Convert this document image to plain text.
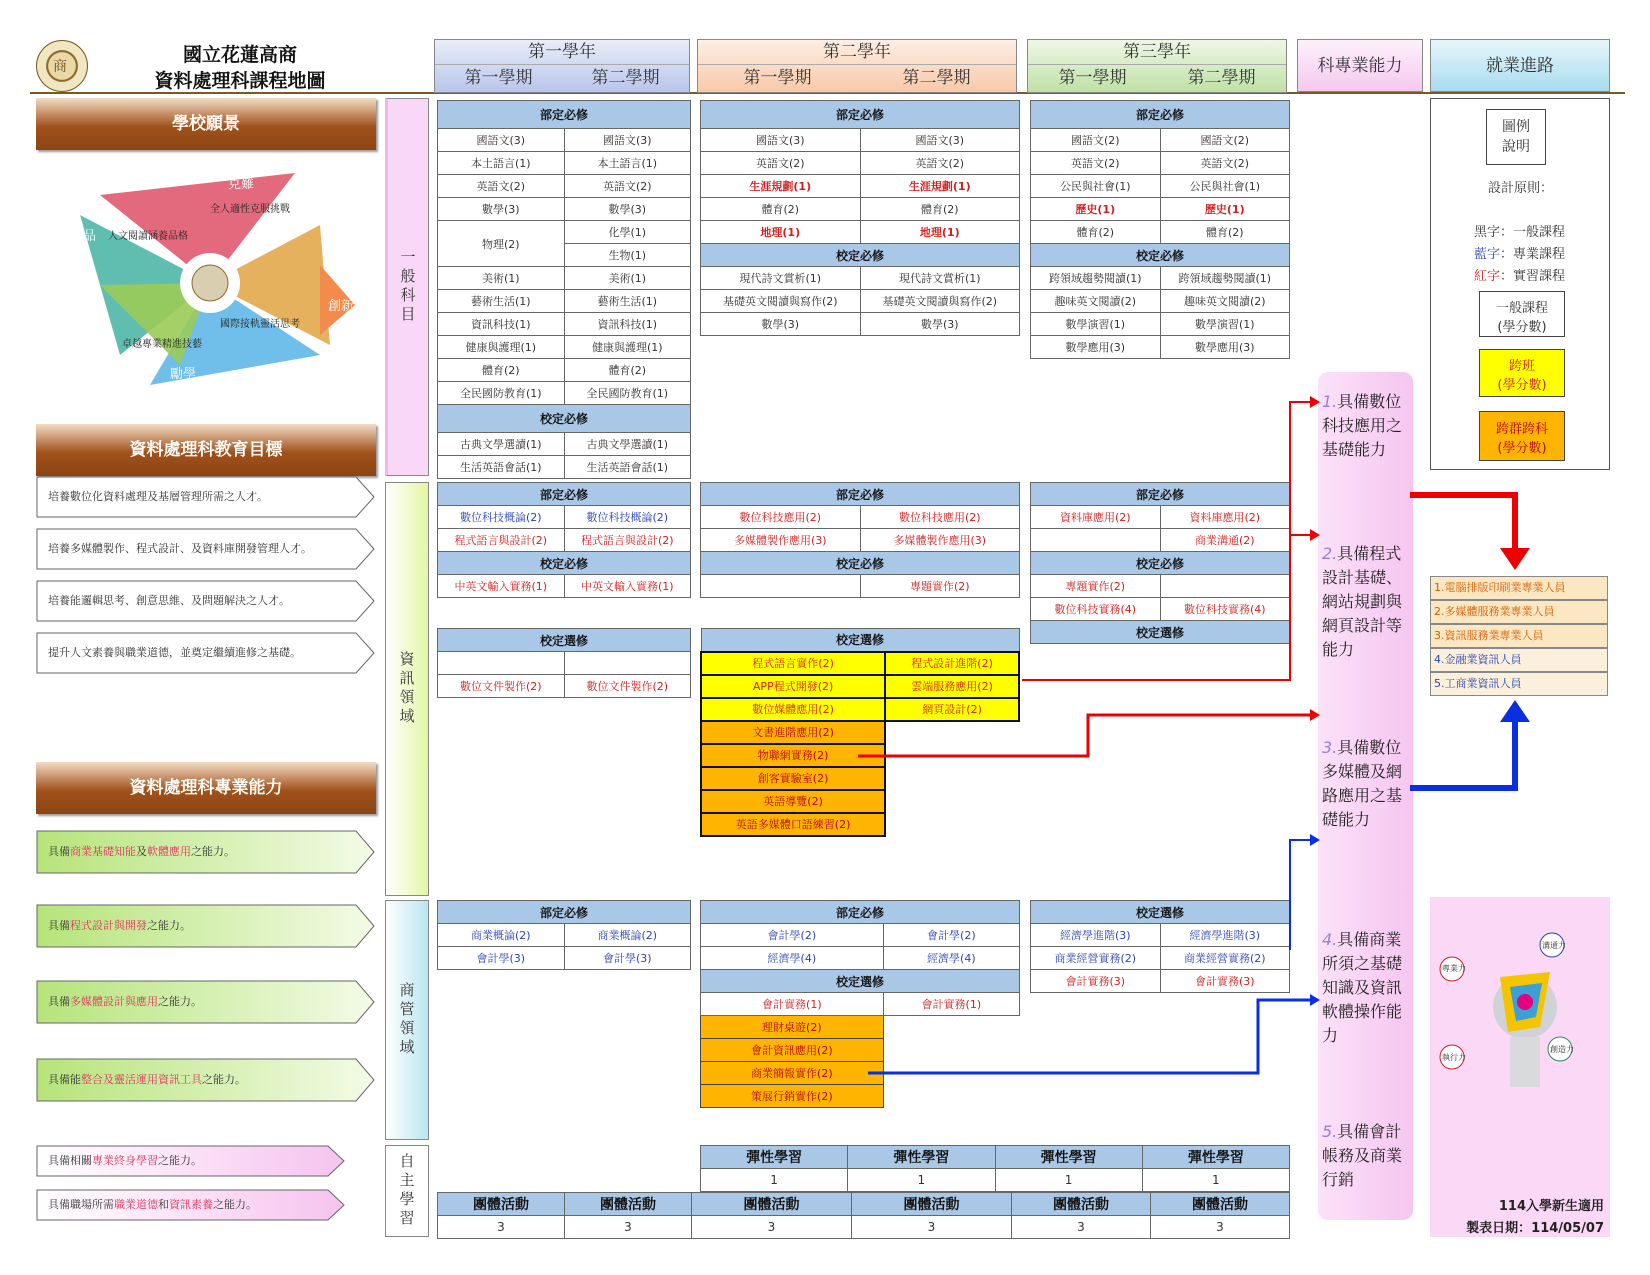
商
國立花蓮高商
資料處理科課程地圖
第一學年
第一學期	第二學期
第二學年
第一學期	第二學期
第三學年
第一學期	第二學期
科專業能力	就業進路
學校願景
克難
敦品
創新
勵學
全人適性克服挑戰
人文閱讀涵養品格
國際接軌靈活思考
卓越專業精進技藝
資料處理科教育目標
培養數位化資料處理及基層管理所需之人才。
培養多媒體製作、程式設計、及資料庫開發管理人才。
培養能邏輯思考、創意思維、及問題解決之人才。
提升人文素養與職業道德，並奠定繼續進修之基礎。
資料處理科專業能力
具備商業基礎知能及軟體應用之能力。
具備程式設計與開發之能力。
具備多媒體設計與應用之能力。
具備能整合及靈活運用資訊工具之能力。
具備相關專業終身學習之能力。
具備職場所需職業道德和資訊素養之能力。
一般科目
資訊領域
商管領域
自主學習
部定必修	
國語文(3)	國語文(3)
本土語言(1)	本土語言(1)
英語文(2)	英語文(2)
數學(3)	數學(3)
物理(2)	化學(1)
	生物(1)
美術(1)	美術(1)
藝術生活(1)	藝術生活(1)
資訊科技(1)	資訊科技(1)
健康與護理(1)	健康與護理(1)
體育(2)	體育(2)
全民國防教育(1)	全民國防教育(1)
校定必修	
古典文學選讀(1)	古典文學選讀(1)
生活英語會話(1)	生活英語會話(1)
部定必修	
國語文(3)	國語文(3)
英語文(2)	英語文(2)
生涯規劃(1)	生涯規劃(1)
體育(2)	體育(2)
地理(1)	地理(1)
校定必修	
現代詩文賞析(1)	現代詩文賞析(1)
基礎英文閱讀與寫作(2)	基礎英文閱讀與寫作(2)
數學(3)	數學(3)
部定必修	
國語文(2)	國語文(2)
英語文(2)	英語文(2)
公民與社會(1)	公民與社會(1)
歷史(1)	歷史(1)
體育(2)	體育(2)
校定必修	
跨領域趨勢閱讀(1)	跨領域趨勢閱讀(1)
趣味英文閱讀(2)	趣味英文閱讀(2)
數學演習(1)	數學演習(1)
數學應用(3)	數學應用(3)
部定必修	
數位科技概論(2)	數位科技概論(2)
程式語言與設計(2)	程式語言與設計(2)
校定必修	
中英文輸入實務(1)	中英文輸入實務(1)
校定選修	

數位文件製作(2)	數位文件製作(2)
部定必修	
數位科技應用(2)	數位科技應用(2)
多媒體製作應用(3)	多媒體製作應用(3)
校定必修	
	專題實作(2)
校定選修	
程式語言實作(2)	程式設計進階(2)
APP程式開發(2)	雲端服務應用(2)
數位媒體應用(2)	網頁設計(2)
文書進階應用(2)	
物聯網實務(2)	
創客實驗室(2)	
英語導覽(2)	
英語多媒體口語練習(2)	
部定必修	
資料庫應用(2)	資料庫應用(2)
	商業溝通(2)
校定必修	
專題實作(2)	
數位科技實務(4)	數位科技實務(4)
校定選修	
部定必修	
商業概論(2)	商業概論(2)
會計學(3)	會計學(3)
部定必修	
會計學(2)	會計學(2)
經濟學(4)	經濟學(4)
校定選修	
會計實務(1)	會計實務(1)
理財桌遊(2)	
會計資訊應用(2)	
商業簡報實作(2)	
策展行銷實作(2)	
校定選修	
經濟學進階(3)	經濟學進階(3)
商業經營實務(2)	商業經營實務(2)
會計實務(3)	會計實務(3)
彈性學習	彈性學習	彈性學習	彈性學習
1	1	1	1
團體活動	團體活動	團體活動	團體活動	團體活動	團體活動
3	3	3	3	3	3
1.具備數位科技應用之基礎能力
2.具備程式設計基礎、網站規劃與網頁設計等能力
3.具備數位多媒體及網路應用之基礎能力
4.具備商業所須之基礎知識及資訊軟體操作能力
5.具備會計帳務及商業行銷
圖例
說明
設計原則：
黑字：一般課程
藍字：專業課程
紅字：實習課程
一般課程
(學分數)
跨班
(學分數)
跨群跨科
(學分數)
1.電腦排版印刷業專業人員
2.多媒體服務業專業人員
3.資訊服務業專業人員
4.金融業資訊人員
5.工商業資訊人員
專業力
溝通力
創造力
執行力
114入學新生適用
製表日期：114/05/07
